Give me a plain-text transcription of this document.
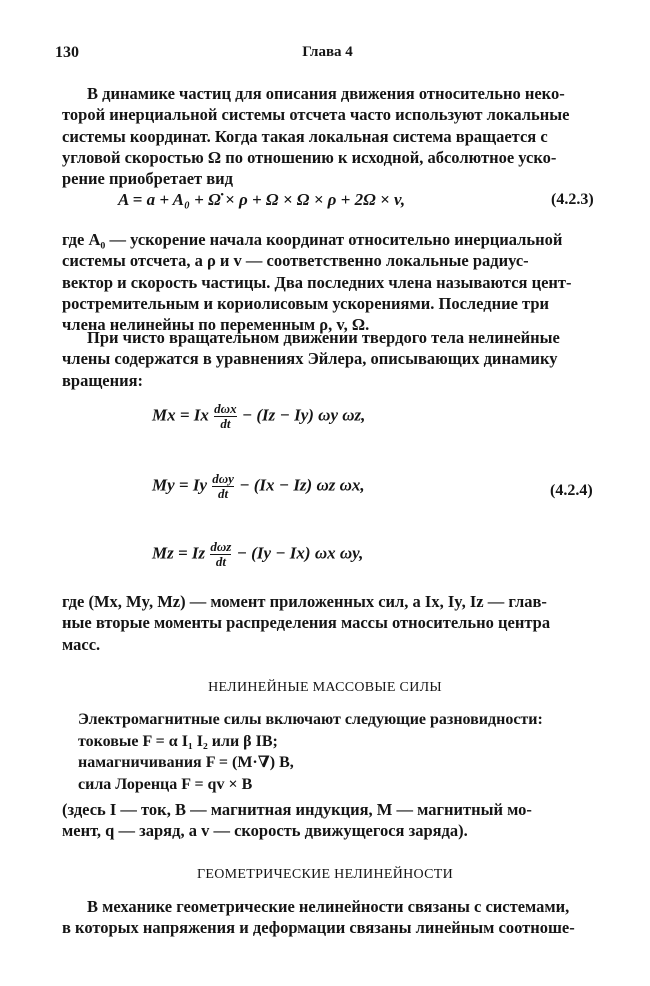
130	Глава 4
В динамике частиц для описания движения относительно неко-
торой инерциальной системы отсчета часто используют локальные
системы координат. Когда такая локальная система вращается с
угловой скоростью Ω по отношению к исходной, абсолютное уско-
рение приобретает вид
A = a + A₀ + Ω̇ × ρ + Ω × Ω × ρ + 2Ω × v,	(4.2.3)
где A₀ — ускорение начала координат относительно инерциальной
системы отсчета, а ρ и v — соответственно локальные радиус-
вектор и скорость частицы. Два последних члена называются цент-
ростремительным и кориолисовым ускорениями. Последние три
члена нелинейны по переменным ρ, v, Ω.
При чисто вращательном движении твердого тела нелинейные
члены содержатся в уравнениях Эйлера, описывающих динамику
вращения:
Mx = Ix $\frac{\text{dωx}}{dt} - (Iz - Iy)$ ωy ωz,
My = Iy $\frac{\text{dωy}}{dt} - (Ix - Iz)$ ωz ωx,	(4.2.4)
Mz = Iz $\frac{\text{dωz}}{dt} - (Iy - Ix)$ ωx ωy,
где (Mx, My, Mz) — момент приложенных сил, а Ix, Iy, Iz — глав-
ные вторые моменты распределения массы относительно центра
масс.
НЕЛИНЕЙНЫЕ МАССОВЫЕ СИЛЫ
Электромагнитные силы включают следующие разновидности:
токовые F = α I₁ I₂ или β IB;
намагничивания F = (M·∇) B,
сила Лоренца F = qv × B
(здесь I — ток, B — магнитная индукция, M — магнитный мо-
мент, q — заряд, а v — скорость движущегося заряда).
ГЕОМЕТРИЧЕСКИЕ НЕЛИНЕЙНОСТИ
В механике геометрические нелинейности связаны с системами,
в которых напряжения и деформации связаны линейным соотноше-
